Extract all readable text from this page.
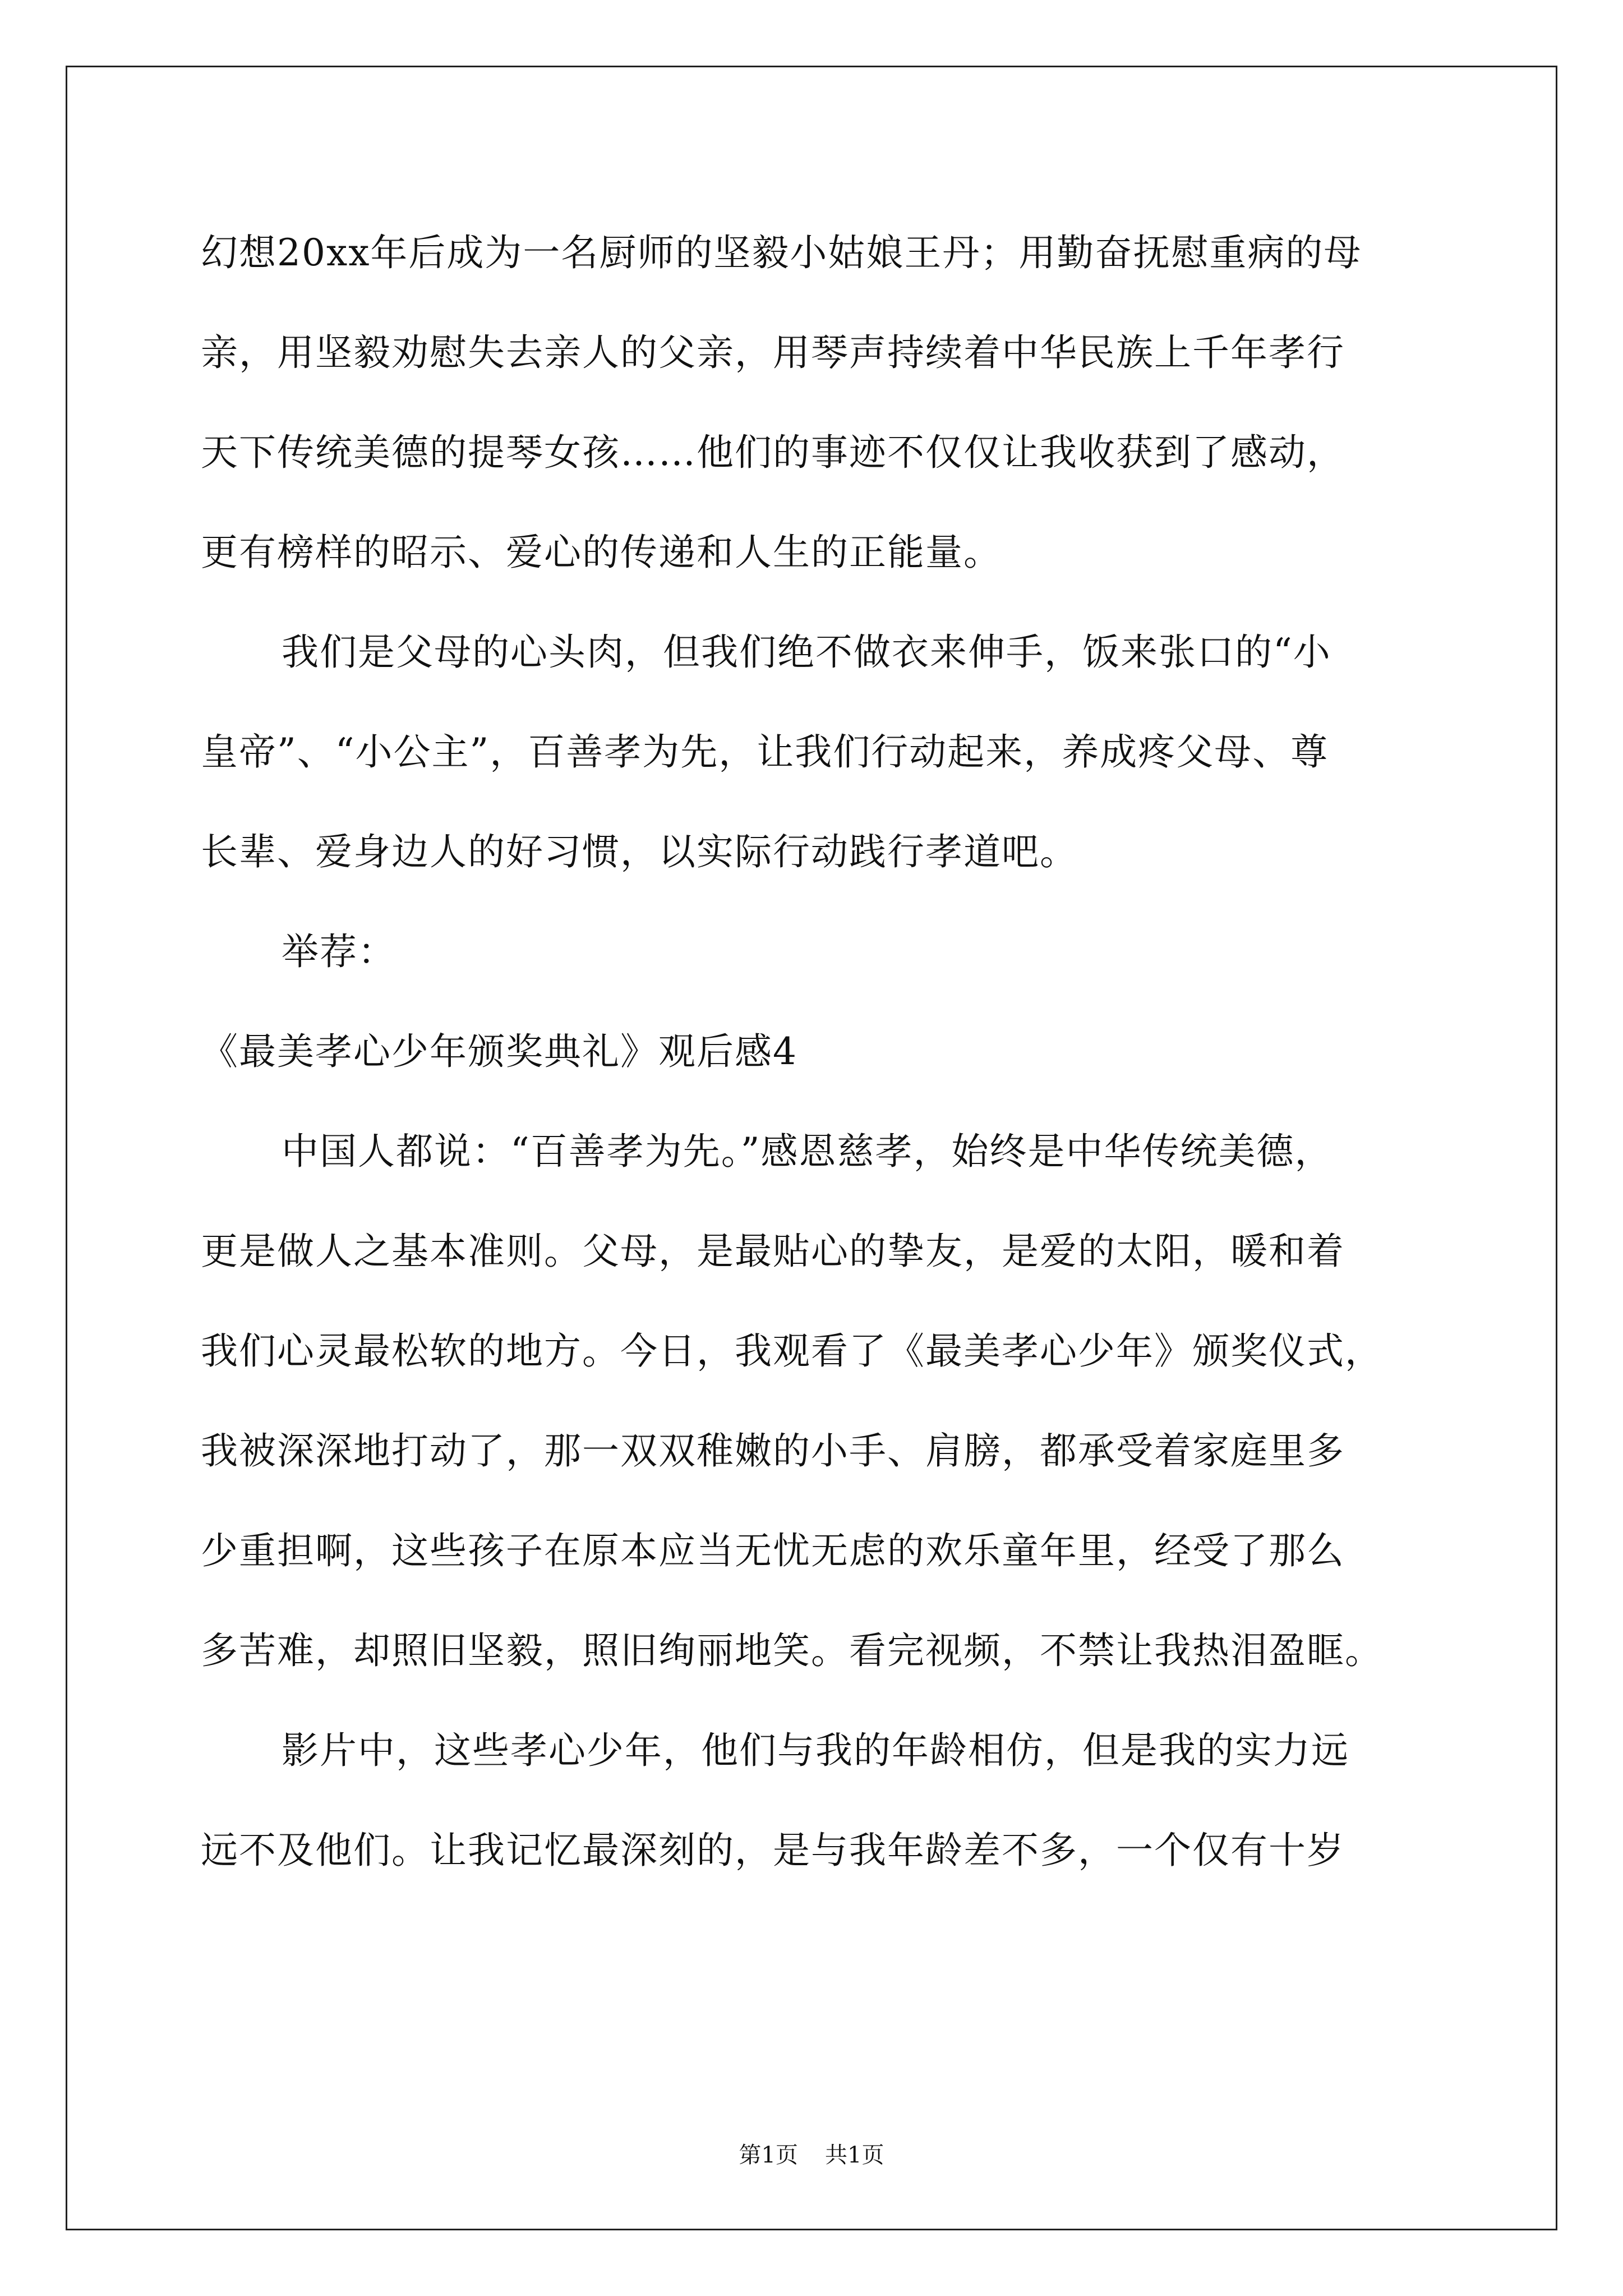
幻想20xx年后成为一名厨师的坚毅小姑娘王丹；用勤奋抚慰重病的母
亲，用坚毅劝慰失去亲人的父亲，用琴声持续着中华民族上千年孝行
天下传统美德的提琴女孩……他们的事迹不仅仅让我收获到了感动，
更有榜样的昭示、爱心的传递和人生的正能量。
我们是父母的心头肉，但我们绝不做衣来伸手，饭来张口的“小
皇帝”、“小公主”，百善孝为先，让我们行动起来，养成疼父母、尊
长辈、爱身边人的好习惯，以实际行动践行孝道吧。
举荐：
《最美孝心少年颁奖典礼》观后感4
中国人都说：“百善孝为先。”感恩慈孝，始终是中华传统美德，
更是做人之基本准则。父母，是最贴心的挚友，是爱的太阳，暖和着
我们心灵最松软的地方。今日，我观看了《最美孝心少年》颁奖仪式，
我被深深地打动了，那一双双稚嫩的小手、肩膀，都承受着家庭里多
少重担啊，这些孩子在原本应当无忧无虑的欢乐童年里，经受了那么
多苦难，却照旧坚毅，照旧绚丽地笑。看完视频，不禁让我热泪盈眶。
影片中，这些孝心少年，他们与我的年龄相仿，但是我的实力远
远不及他们。让我记忆最深刻的，是与我年龄差不多，一个仅有十岁
第1页 共1页
